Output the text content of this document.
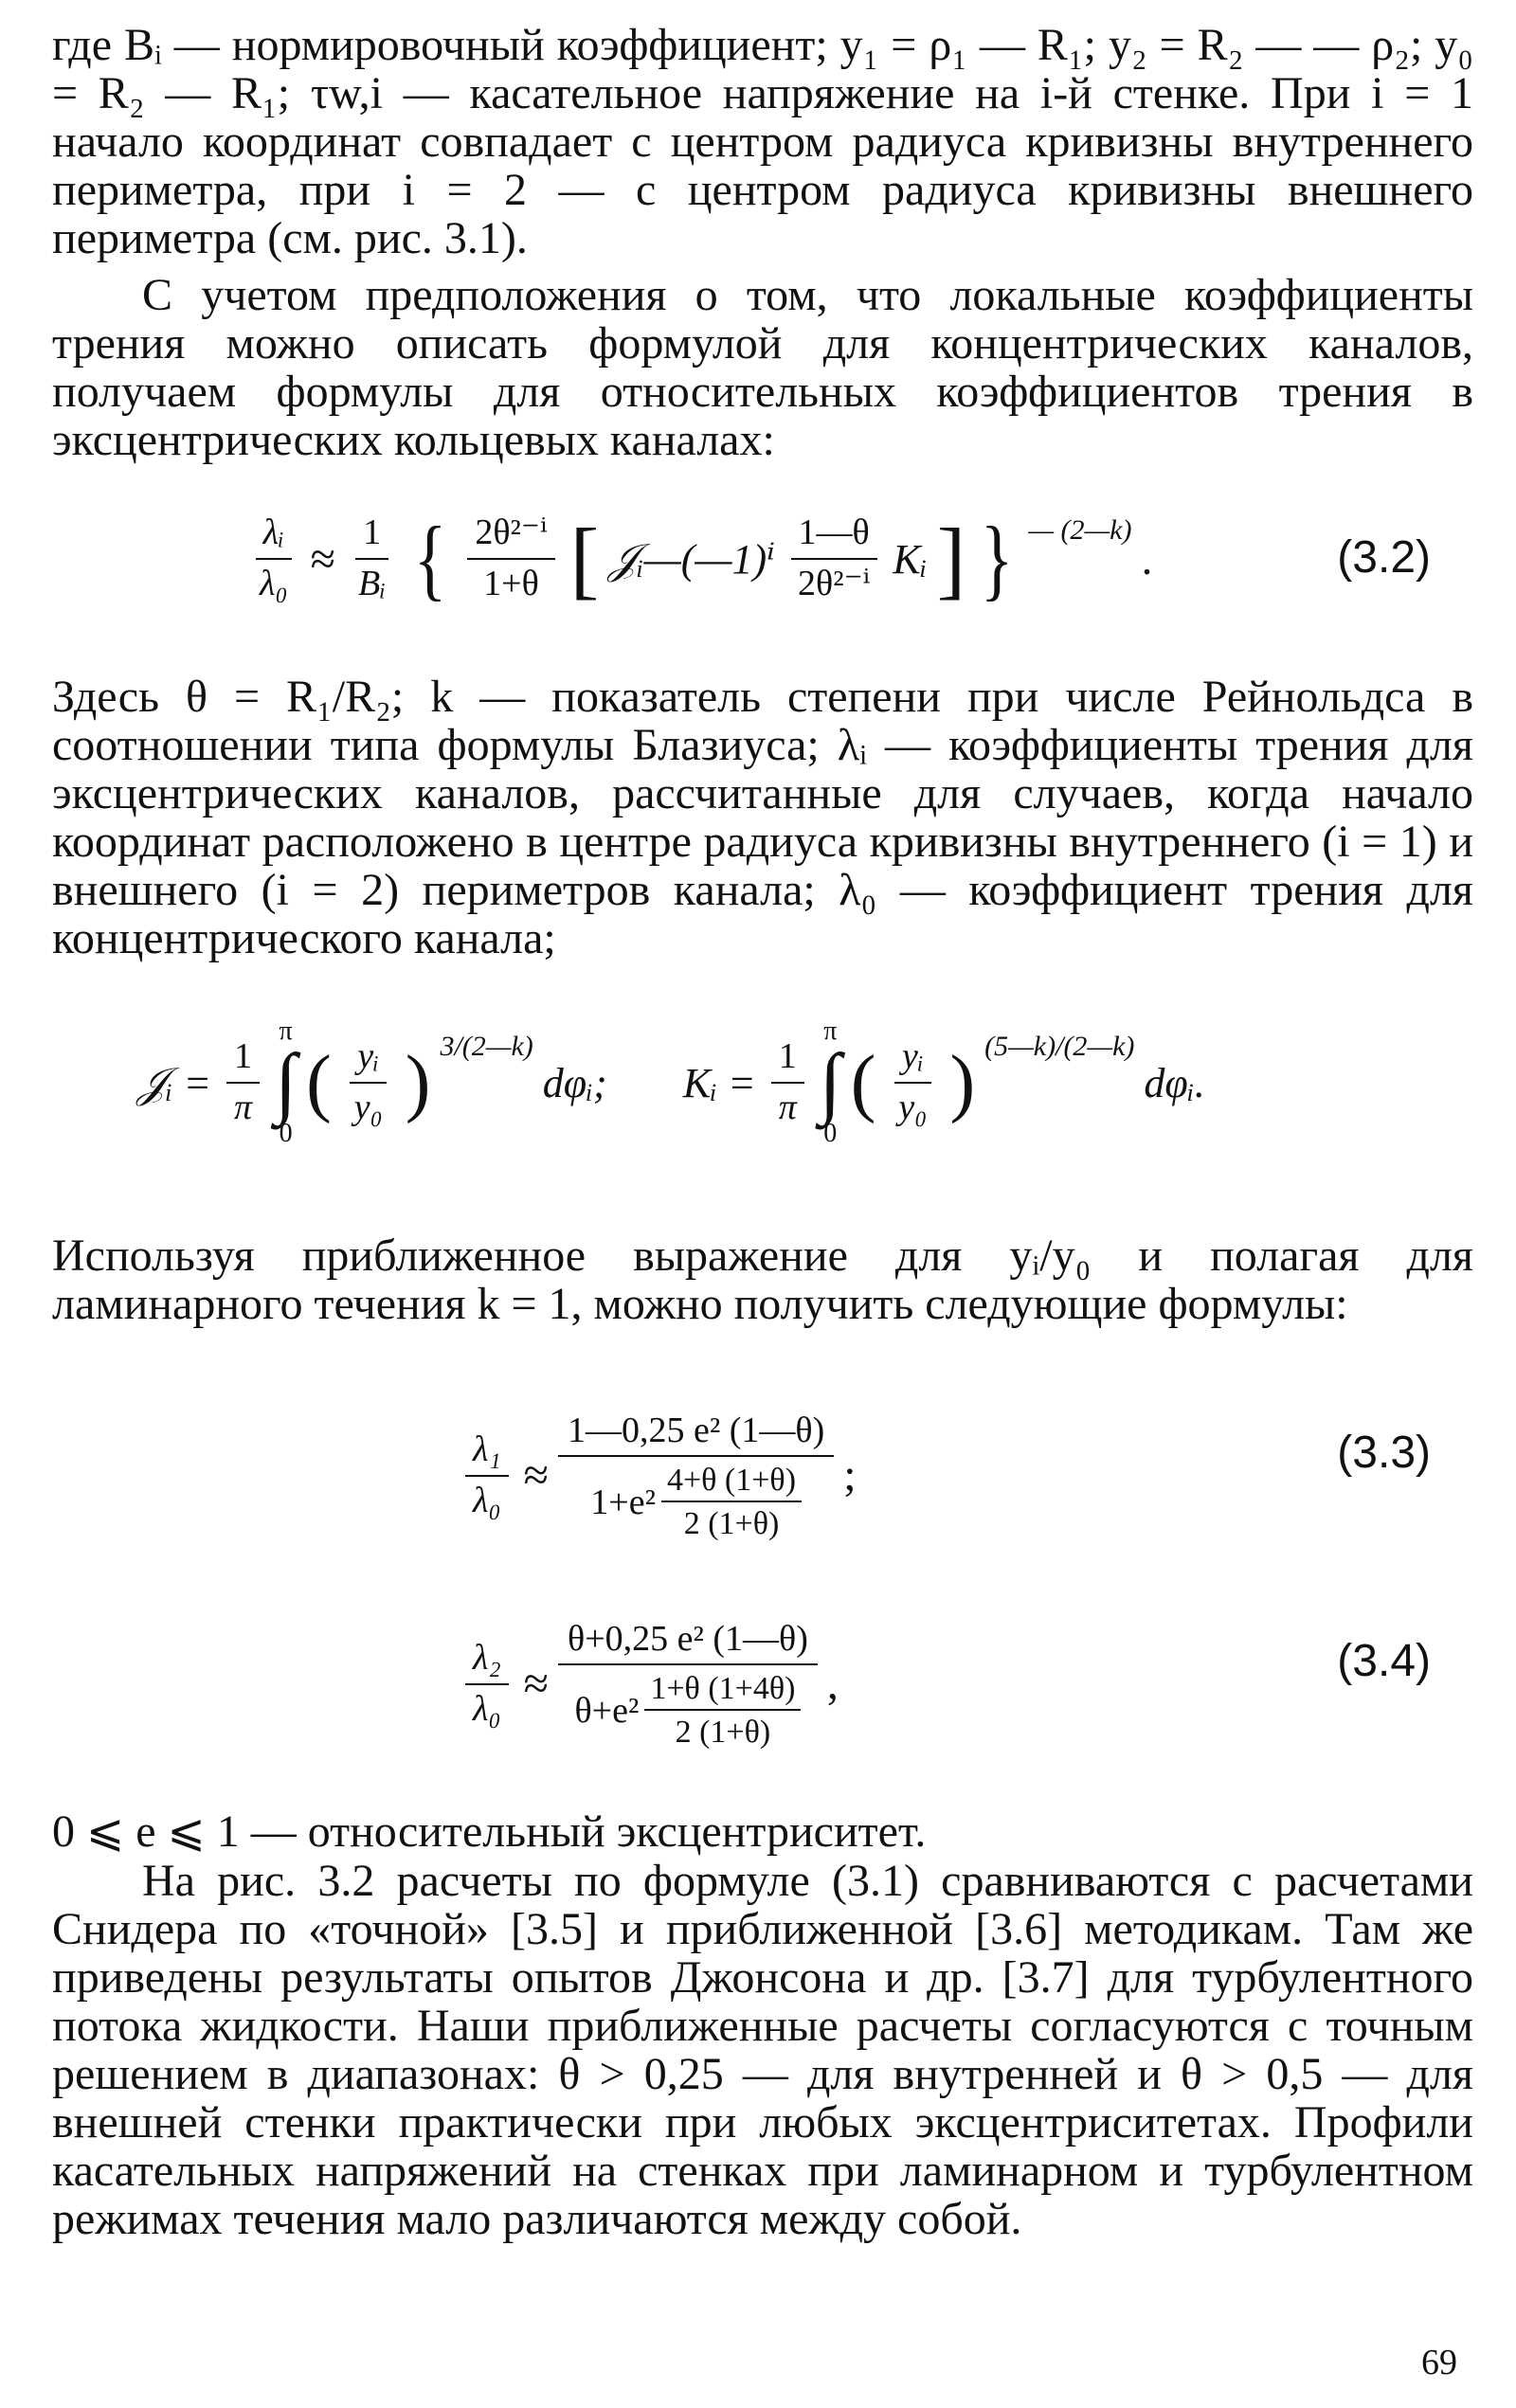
где Bᵢ — нормировочный коэффициент; y₁ = ρ₁ — R₁; y₂ = R₂ — — ρ₂; y₀ = R₂ — R₁; τw,i — касательное напряжение на i-й стенке. При i = 1 начало координат совпадает с центром радиуса кривизны внутреннего периметра, при i = 2 — с центром радиуса кривизны внешнего периметра (см. рис. 3.1).
С учетом предположения о том, что локальные коэффициенты трения можно описать формулой для концентрических каналов, получаем формулы для относительных коэффициентов трения в эксцентрических кольцевых каналах:
$\frac{\text{λᵢ}}{\text{λ₀}} \approx \frac{1}{\text{Bᵢ}}$ { $\frac{\text{2θ²⁻ⁱ}}{1+\theta}$ [ 𝒥ᵢ—(—1)ⁱ $\frac{1—\theta}{\text{2θ²⁻ⁱ}}$ Kᵢ ] } — (2—k)
.	(3.2)
Здесь θ = R₁/R₂; k — показатель степени при числе Рейнольдса в соотношении типа формулы Блазиуса; λᵢ — коэффициенты трения для эксцентрических каналов, рассчитанные для случаев, когда начало координат расположено в центре радиуса кривизны внутреннего (i = 1) и внешнего (i = 2) периметров канала; λ₀ — коэффициент трения для концентрического канала;
𝒥ᵢ = $\frac{1}{\pi}$
π
∫
0
( $\frac{\text{yᵢ}}{\text{y₀}}$ ) 3/(2—k)
dφᵢ; Kᵢ = $\frac{1}{\pi}$
π
∫
0
( $\frac{\text{yᵢ}}{\text{y₀}}$ ) (5—k)/(2—k)
dφᵢ.
Используя приближенное выражение для yᵢ/y₀ и полагая для ламинарного течения k = 1, можно получить следующие формулы:
$\frac{\text{λ₁}}{\text{λ₀}} \approx \frac{\text{1—0,25 e² (1—θ)}}{1+e^2 \frac{4+\theta (1+\theta)}{2 (1+\theta)}}$ ;	(3.3)
$\frac{\text{λ₂}}{\text{λ₀}} \approx \frac{\text{θ+0,25 e² (1—θ)}}{\theta+e^2 \frac{1+\theta (1+4\theta)}{2 (1+\theta)}}$ ,	(3.4)
0 ⩽ e ⩽ 1 — относительный эксцентриситет.
На рис. 3.2 расчеты по формуле (3.1) сравниваются с расчетами Снидера по «точной» [3.5] и приближенной [3.6] методикам. Там же приведены результаты опытов Джонсона и др. [3.7] для турбулентного потока жидкости. Наши приближенные расчеты согласуются с точным решением в диапазонах: θ > 0,25 — для внутренней и θ > 0,5 — для внешней стенки практически при любых эксцентриситетах. Профили касательных напряжений на стенках при ламинарном и турбулентном режимах течения мало различаются между собой.
69
